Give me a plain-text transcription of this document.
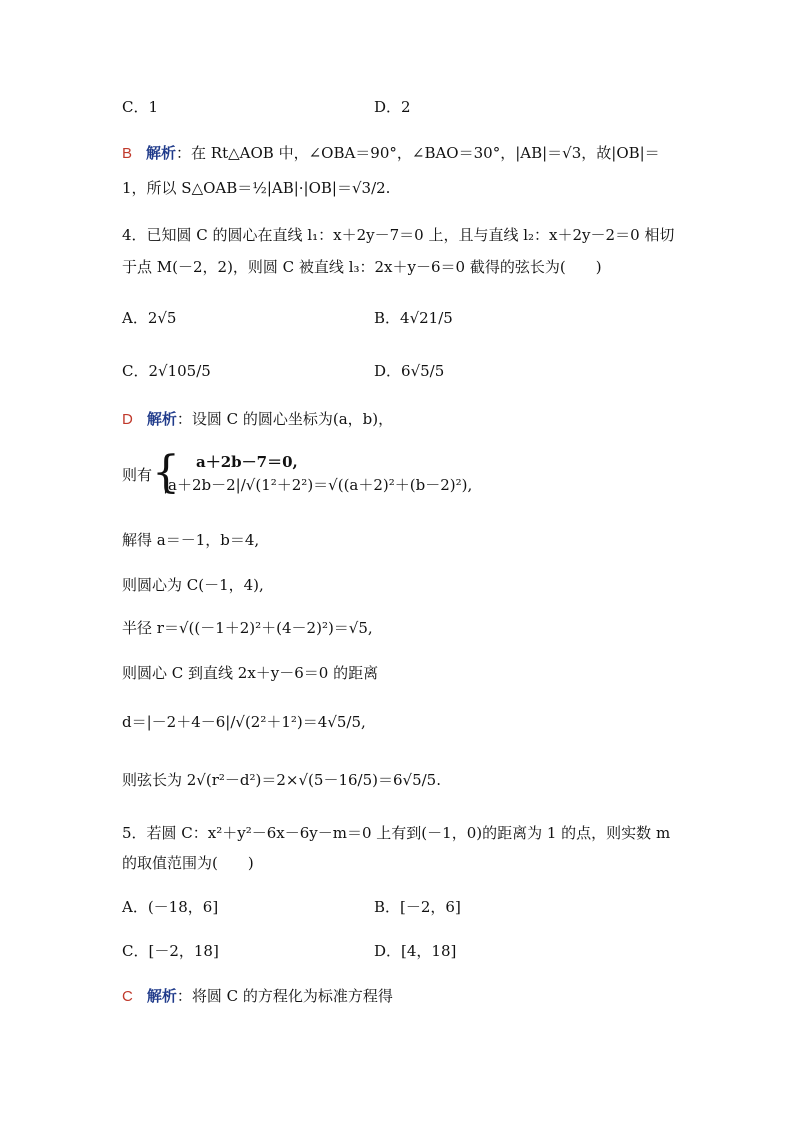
C．1	D．2
B 解析：在 Rt△AOB 中，∠OBA＝90°，∠BAO＝30°，|AB|＝√3，故|OB|＝
1，所以 S△OAB＝½|AB|·|OB|＝√3/2.
4．已知圆 C 的圆心在直线 l₁：x＋2y－7＝0 上，且与直线 l₂：x＋2y－2＝0 相切
于点 M(－2，2)，则圆 C 被直线 l₃：2x＋y－6＝0 截得的弦长为(　　)
A．2√5	B．4√21/5
C．2√105/5	D．6√5/5
D 解析：设圆 C 的圆心坐标为(a，b)，
则有 { a＋2b－7＝0,
|a＋2b－2|/√(1²＋2²)＝√((a＋2)²＋(b－2)²),
解得 a＝－1，b＝4,
则圆心为 C(－1，4),
半径 r＝√((－1＋2)²＋(4－2)²)＝√5,
则圆心 C 到直线 2x＋y－6＝0 的距离
d＝|－2＋4－6|/√(2²＋1²)＝4√5/5,
则弦长为 2√(r²－d²)＝2×√(5－16/5)＝6√5/5.
5．若圆 C：x²＋y²－6x－6y－m＝0 上有到(－1，0)的距离为 1 的点，则实数 m
的取值范围为(　　)
A．(－18，6]	B．[－2，6]
C．[－2，18]	D．[4，18]
C 解析：将圆 C 的方程化为标准方程得
